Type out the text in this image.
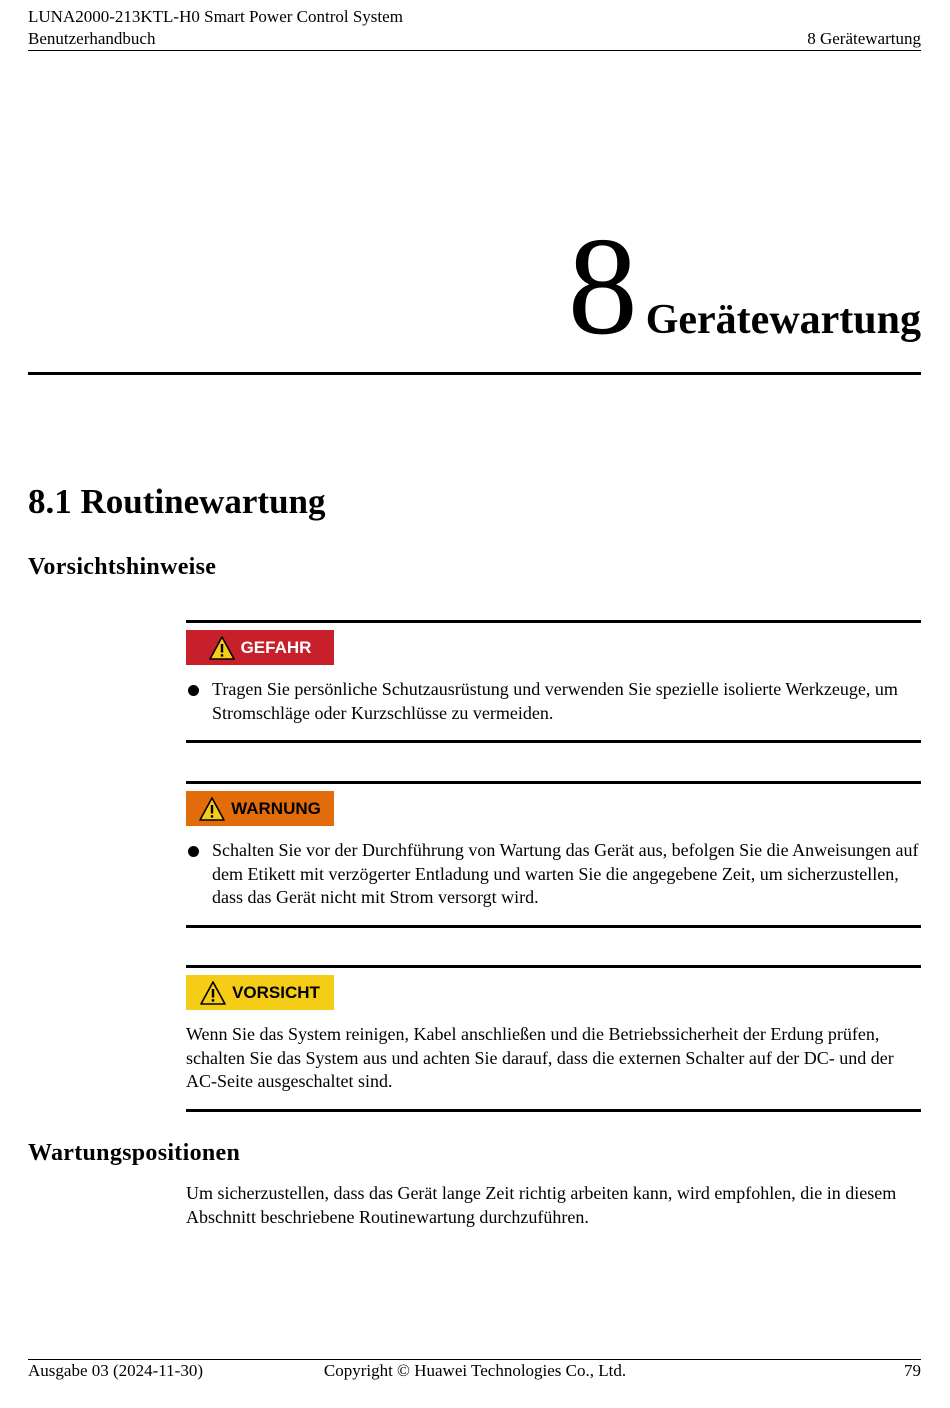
LUNA2000-213KTL-H0 Smart Power Control System
Benutzerhandbuch	8 Gerätewartung
8 Gerätewartung
8.1 Routinewartung
Vorsichtshinweise
GEFAHR
Tragen Sie persönliche Schutzausrüstung und verwenden Sie spezielle isolierte Werkzeuge, um Stromschläge oder Kurzschlüsse zu vermeiden.
WARNUNG
Schalten Sie vor der Durchführung von Wartung das Gerät aus, befolgen Sie die Anweisungen auf dem Etikett mit verzögerter Entladung und warten Sie die angegebene Zeit, um sicherzustellen, dass das Gerät nicht mit Strom versorgt wird.
VORSICHT
Wenn Sie das System reinigen, Kabel anschließen und die Betriebssicherheit der Erdung prüfen, schalten Sie das System aus und achten Sie darauf, dass die externen Schalter auf der DC- und der AC-Seite ausgeschaltet sind.
Wartungspositionen
Um sicherzustellen, dass das Gerät lange Zeit richtig arbeiten kann, wird empfohlen, die in diesem Abschnitt beschriebene Routinewartung durchzuführen.
Ausgabe 03 (2024-11-30)	Copyright © Huawei Technologies Co., Ltd.	79
